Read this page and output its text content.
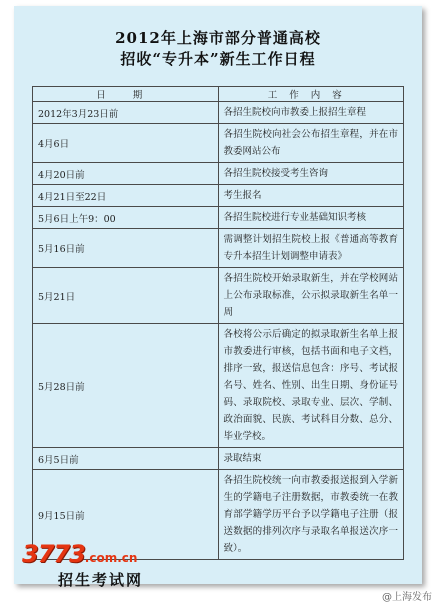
2012年上海市部分普通高校
招收“专升本”新生工作日程
日 期	工作内容
2012年3月23日前	各招生院校向市教委上报招生章程
4月6日	各招生院校向社会公布招生章程，并在市教委网站公布
4月20日前	各招生院校接受考生咨询
4月21日至22日	考生报名
5月6日上午9：00	各招生院校进行专业基础知识考核
5月16日前	需调整计划招生院校上报《普通高等教育专升本招生计划调整申请表》
5月21日	各招生院校开始录取新生，并在学校网站上公布录取标准，公示拟录取新生名单一周
5月28日前	各校将公示后确定的拟录取新生名单上报市教委进行审核，包括书面和电子文档，排序一致，报送信息包含：序号、考试报名号、姓名、性别、出生日期、身份证号码、录取院校、录取专业、层次、学制、政治面貌、民族、考试科目分数、总分、毕业学校。
6月5日前	录取结束
9月15日前	各招生院校统一向市教委报送报到入学新生的学籍电子注册数据，市教委统一在教育部学籍学历平台予以学籍电子注册（报送数据的排列次序与录取名单报送次序一致）。
3773.com.cn
招生考试网
@上海发布
